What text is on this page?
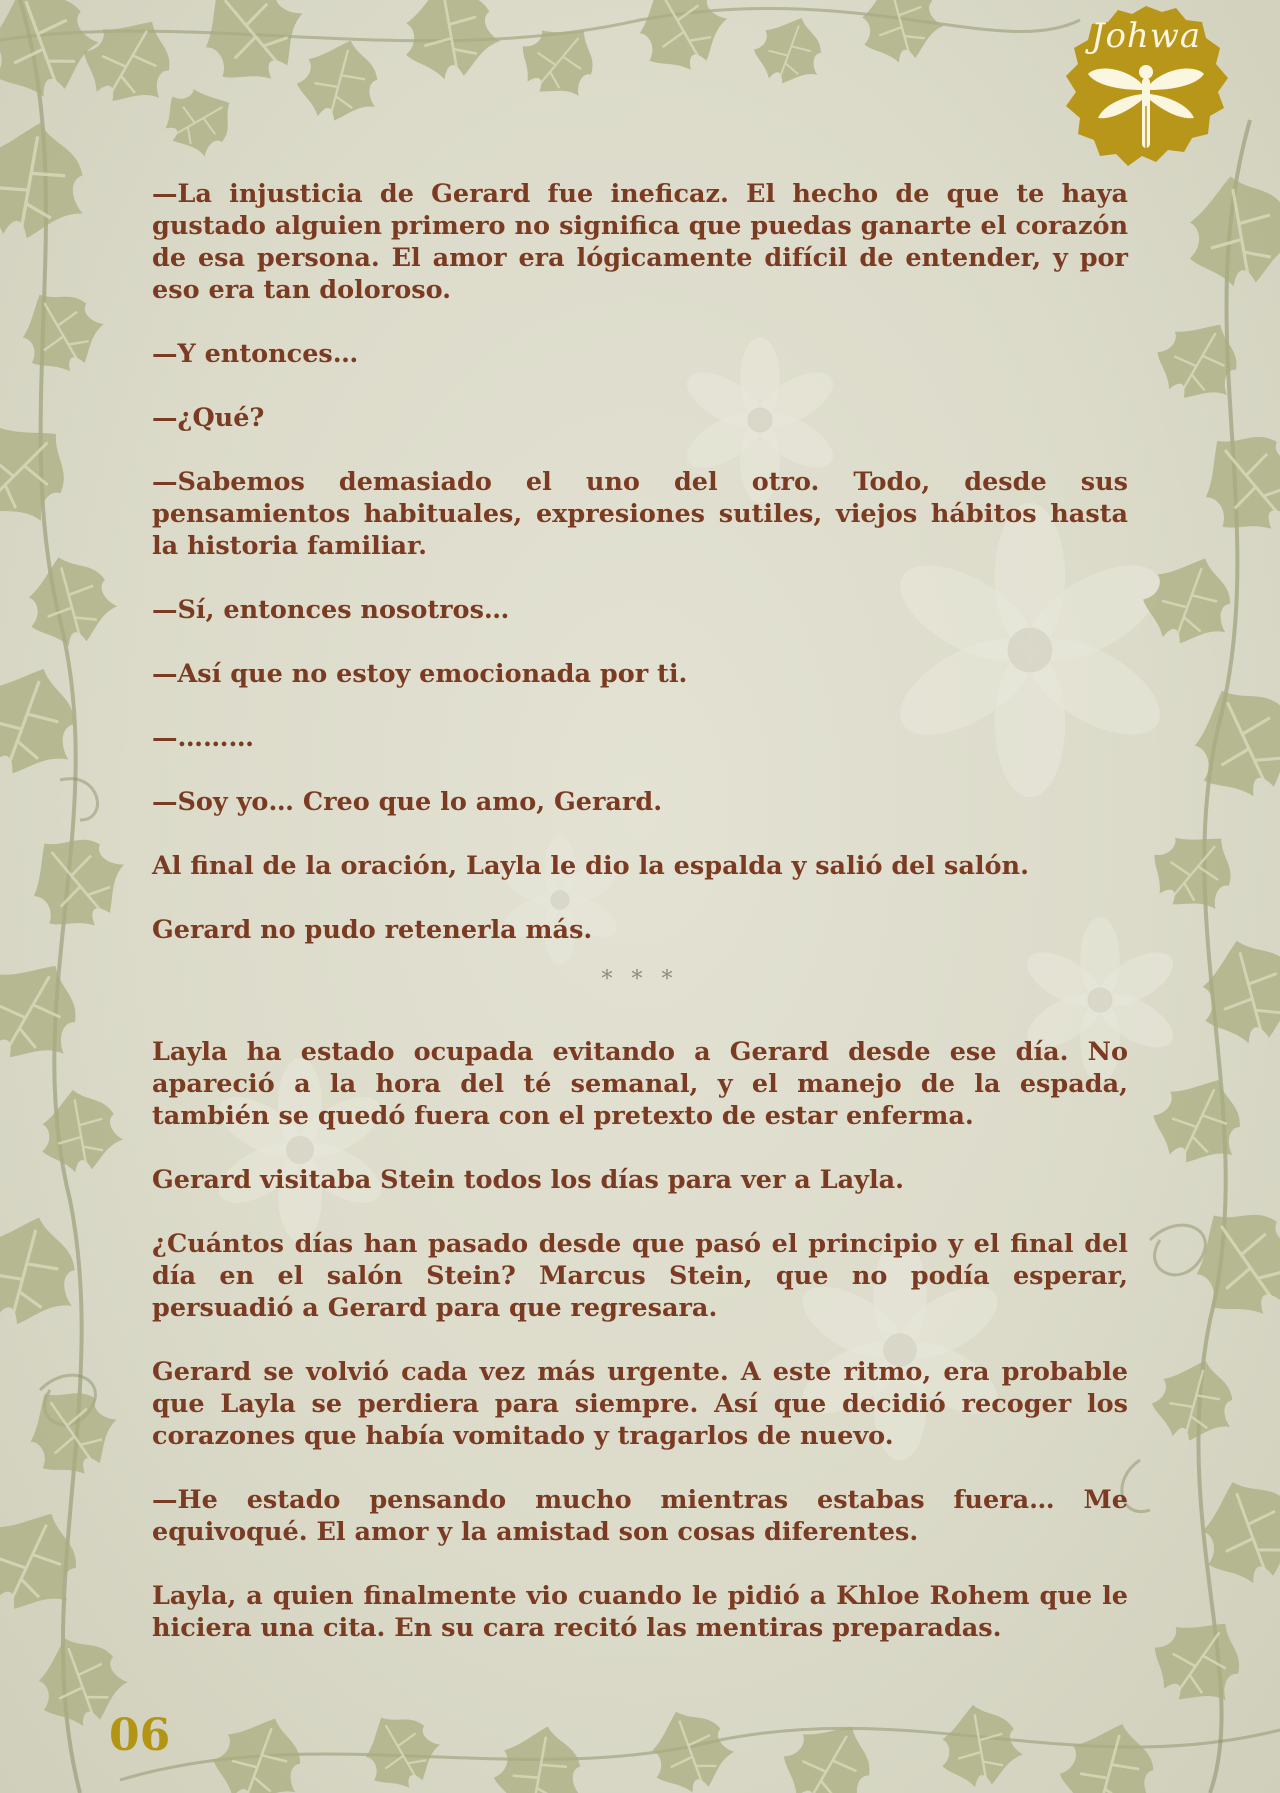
Johwa

—La injusticia de Gerard fue ineficaz. El hecho de que te haya gustado alguien primero no significa que puedas ganarte el corazón de esa persona. El amor era lógicamente difícil de entender, y por eso era tan doloroso.

—Y entonces…

—¿Qué?

—Sabemos demasiado el uno del otro. Todo, desde sus pensamientos habituales, expresiones sutiles, viejos hábitos hasta la historia familiar.

—Sí, entonces nosotros…

—Así que no estoy emocionada por ti.

—………

—Soy yo… Creo que lo amo, Gerard.

Al final de la oración, Layla le dio la espalda y salió del salón.

Gerard no pudo retenerla más.

* * *

Layla ha estado ocupada evitando a Gerard desde ese día. No apareció a la hora del té semanal, y el manejo de la espada, también se quedó fuera con el pretexto de estar enferma.

Gerard visitaba Stein todos los días para ver a Layla.

¿Cuántos días han pasado desde que pasó el principio y el final del día en el salón Stein? Marcus Stein, que no podía esperar, persuadió a Gerard para que regresara.

Gerard se volvió cada vez más urgente. A este ritmo, era probable que Layla se perdiera para siempre. Así que decidió recoger los corazones que había vomitado y tragarlos de nuevo.

—He estado pensando mucho mientras estabas fuera… Me equivoqué. El amor y la amistad son cosas diferentes.

Layla, a quien finalmente vio cuando le pidió a Khloe Rohem que le hiciera una cita. En su cara recitó las mentiras preparadas.

06
